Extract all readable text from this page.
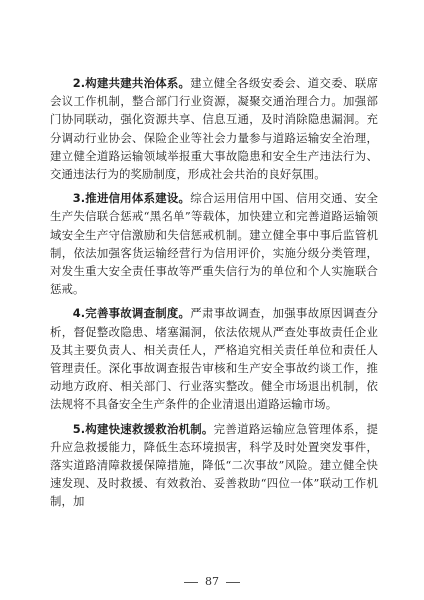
2.构建共建共治体系。建立健全各级安委会、道交委、联席会议工作机制，整合部门行业资源，凝聚交通治理合力。加强部门协同联动，强化资源共享、信息互通，及时消除隐患漏洞。充分调动行业协会、保险企业等社会力量参与道路运输安全治理，建立健全道路运输领域举报重大事故隐患和安全生产违法行为、交通违法行为的奖励制度，形成社会共治的良好氛围。

3.推进信用体系建设。综合运用信用中国、信用交通、安全生产失信联合惩戒“黑名单”等载体，加快建立和完善道路运输领域安全生产守信激励和失信惩戒机制。建立健全事中事后监管机制，依法加强客货运输经营行为信用评价，实施分级分类管理，对发生重大安全责任事故等严重失信行为的单位和个人实施联合惩戒。

4.完善事故调查制度。严肃事故调查，加强事故原因调查分析，督促整改隐患、堵塞漏洞，依法依规从严查处事故责任企业及其主要负责人、相关责任人，严格追究相关责任单位和责任人管理责任。深化事故调查报告审核和生产安全事故约谈工作，推动地方政府、相关部门、行业落实整改。健全市场退出机制，依法规将不具备安全生产条件的企业清退出道路运输市场。

5.构建快速救援救治机制。完善道路运输应急管理体系，提升应急救援能力，降低生态环境损害，科学及时处置突发事件，落实道路清障救援保障措施，降低“二次事故”风险。建立健全快速发现、及时救援、有效救治、妥善救助“四位一体”联动工作机制，加

87
